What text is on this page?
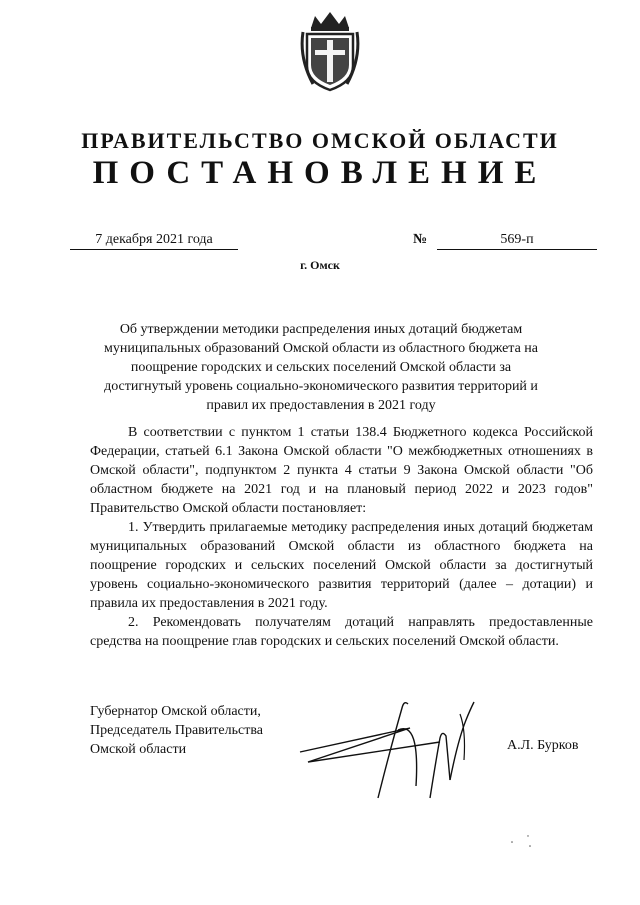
ПРАВИТЕЛЬСТВО ОМСКОЙ ОБЛАСТИ
ПОСТАНОВЛЕНИЕ
7 декабря 2021 года	№	569-п
г. Омск
Об утверждении методики распределения иных дотаций бюджетам муниципальных образований Омской области из областного бюджета на поощрение городских и сельских поселений Омской области за достигнутый уровень социально-экономического развития территорий и правил их предоставления в 2021 году

В соответствии с пунктом 1 статьи 138.4 Бюджетного кодекса Российской Федерации, статьей 6.1 Закона Омской области "О межбюджетных отношениях в Омской области", подпунктом 2 пункта 4 статьи 9 Закона Омской области "Об областном бюджете на 2021 год и на плановый период 2022 и 2023 годов" Правительство Омской области постановляет:

1. Утвердить прилагаемые методику распределения иных дотаций бюджетам муниципальных образований Омской области из областного бюджета на поощрение городских и сельских поселений Омской области за достигнутый уровень социально-экономического развития территорий (далее – дотации) и правила их предоставления в 2021 году.

2. Рекомендовать получателям дотаций направлять предоставленные средства на поощрение глав городских и сельских поселений Омской области.

Губернатор Омской области,
Председатель Правительства
Омской области	А.Л. Бурков
